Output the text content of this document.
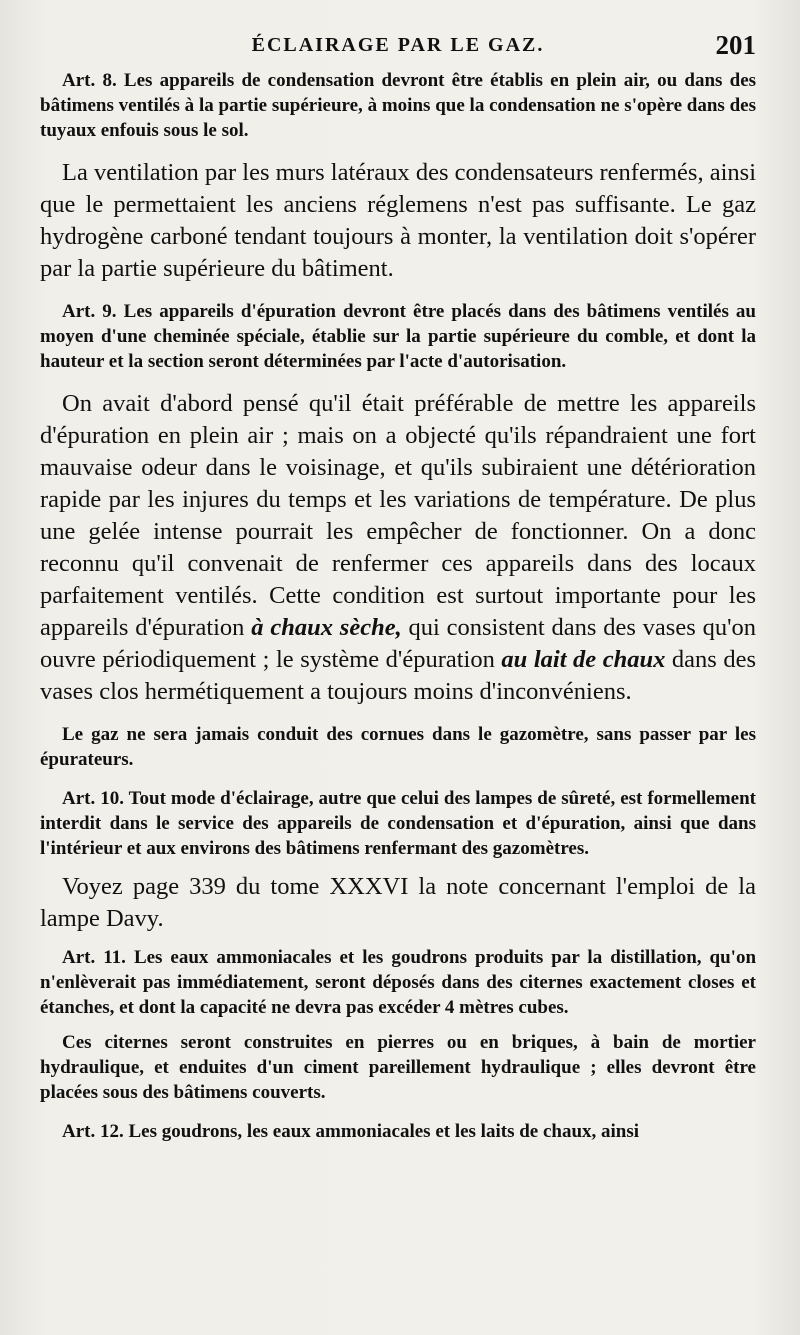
ÉCLAIRAGE PAR LE GAZ.	201

Art. 8. Les appareils de condensation devront être établis en plein air, ou dans des bâtimens ventilés à la partie supérieure, à moins que la condensation ne s'opère dans des tuyaux enfouis sous le sol.

La ventilation par les murs latéraux des condensateurs renfermés, ainsi que le permettaient les anciens réglemens n'est pas suffisante. Le gaz hydrogène carboné tendant toujours à monter, la ventilation doit s'opérer par la partie supérieure du bâtiment.

Art. 9. Les appareils d'épuration devront être placés dans des bâtimens ventilés au moyen d'une cheminée spéciale, établie sur la partie supérieure du comble, et dont la hauteur et la section seront déterminées par l'acte d'autorisation.

On avait d'abord pensé qu'il était préférable de mettre les appareils d'épuration en plein air ; mais on a objecté qu'ils répandraient une fort mauvaise odeur dans le voisinage, et qu'ils subiraient une détérioration rapide par les injures du temps et les variations de température. De plus une gelée intense pourrait les empêcher de fonctionner. On a donc reconnu qu'il convenait de renfermer ces appareils dans des locaux parfaitement ventilés. Cette condition est surtout importante pour les appareils d'épuration à chaux sèche, qui consistent dans des vases qu'on ouvre périodiquement ; le système d'épuration au lait de chaux dans des vases clos hermétiquement a toujours moins d'inconvéniens.

Le gaz ne sera jamais conduit des cornues dans le gazomètre, sans passer par les épurateurs.

Art. 10. Tout mode d'éclairage, autre que celui des lampes de sûreté, est formellement interdit dans le service des appareils de condensation et d'épuration, ainsi que dans l'intérieur et aux environs des bâtimens renfermant des gazomètres.

Voyez page 339 du tome XXXVI la note concernant l'emploi de la lampe Davy.

Art. 11. Les eaux ammoniacales et les goudrons produits par la distillation, qu'on n'enlèverait pas immédiatement, seront déposés dans des citernes exactement closes et étanches, et dont la capacité ne devra pas excéder 4 mètres cubes.

Ces citernes seront construites en pierres ou en briques, à bain de mortier hydraulique, et enduites d'un ciment pareillement hydraulique ; elles devront être placées sous des bâtimens couverts.

Art. 12. Les goudrons, les eaux ammoniacales et les laits de chaux, ainsi
